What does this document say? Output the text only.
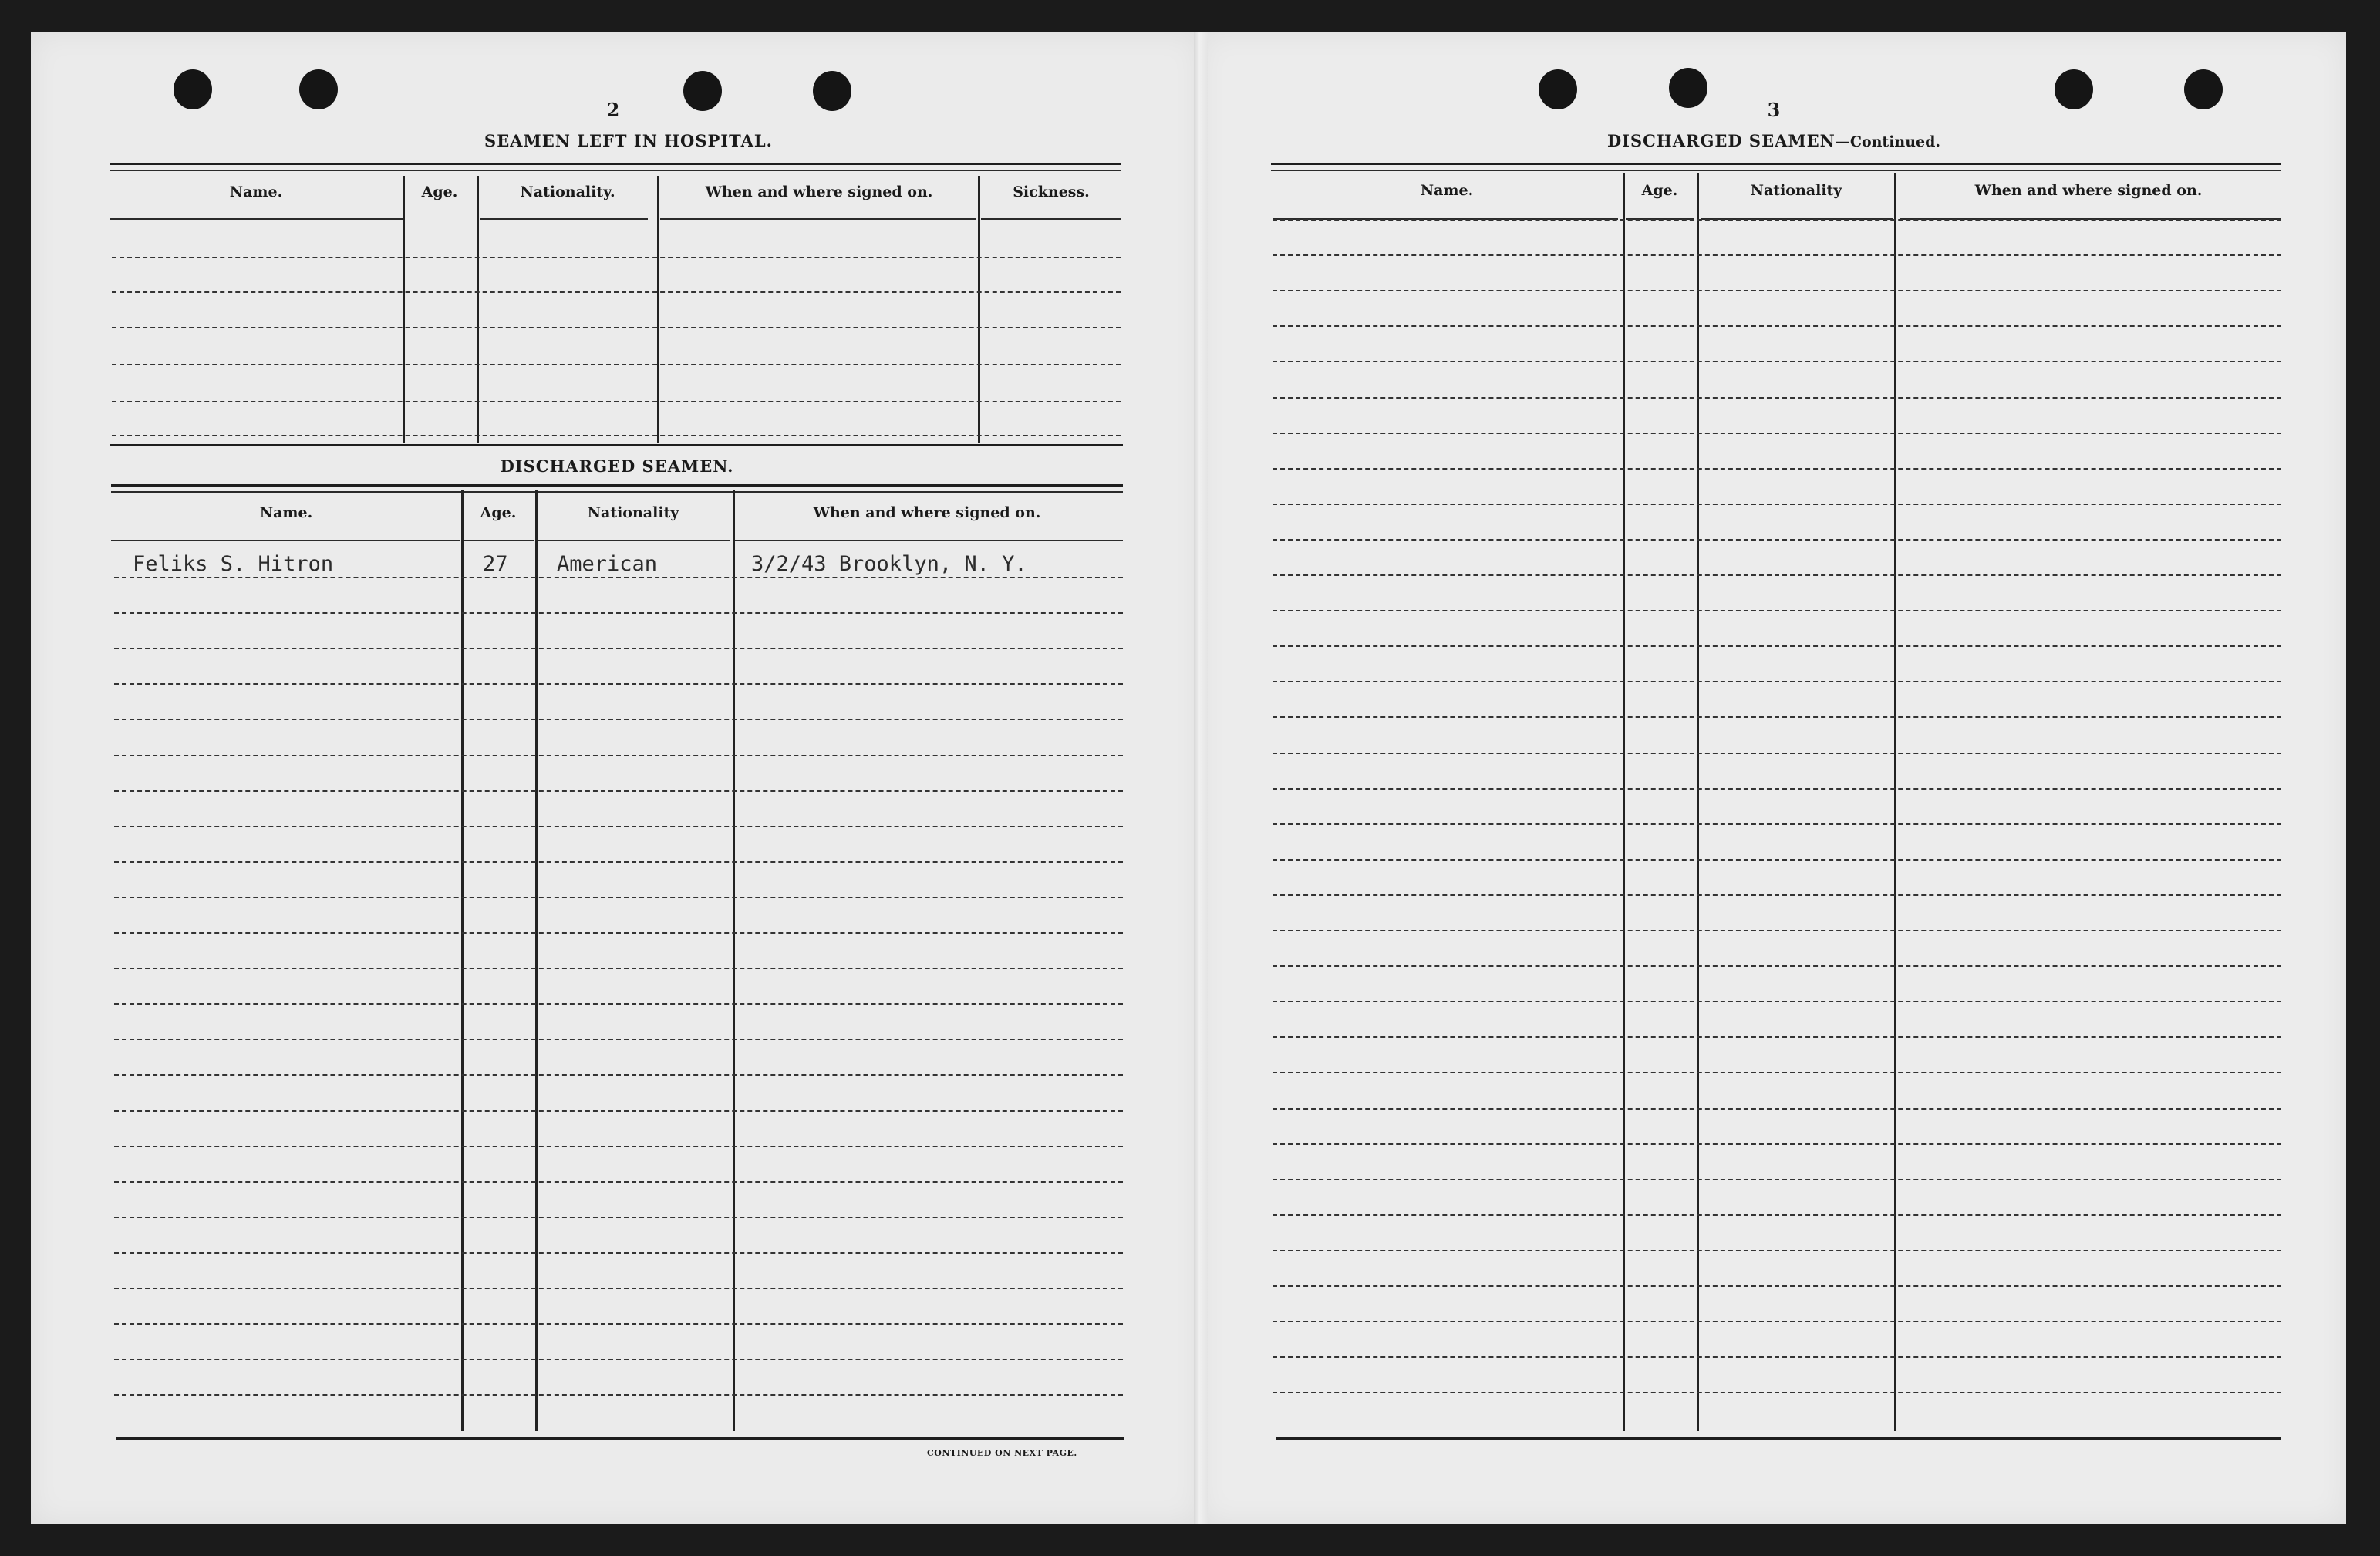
2
SEAMEN LEFT IN HOSPITAL.
Name.	Age.	Nationality.	When and where signed on.	Sickness.
DISCHARGED SEAMEN.
Name.	Age.	Nationality	When and where signed on.
Feliks S. Hitron	27 American	3/2/43 Brooklyn, N. Y.
CONTINUED ON NEXT PAGE.
3
DISCHARGED SEAMEN—Continued.
Name.	Age.	Nationality	When and where signed on.
